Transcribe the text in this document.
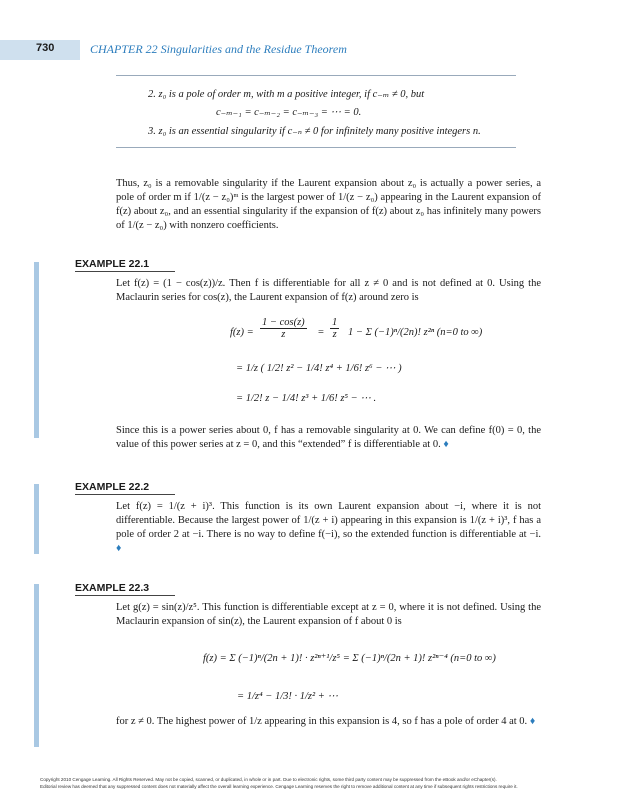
730	CHAPTER 22 Singularities and the Residue Theorem
2. z₀ is a pole of order m, with m a positive integer, if c₋ₘ ≠ 0, but
c₋ₘ₋₁ = c₋ₘ₋₂ = c₋ₘ₋₃ = ⋯ = 0.
3. z₀ is an essential singularity if c₋ₙ ≠ 0 for infinitely many positive integers n.
Thus, z₀ is a removable singularity if the Laurent expansion about z₀ is actually a power series, a pole of order m if 1/(z − z₀)ᵐ is the largest power of 1/(z − z₀) appearing in the Laurent expansion of f(z) about z₀, and an essential singularity if the expansion of f(z) about z₀ has infinitely many powers of 1/(z − z₀) with nonzero coefficients.
EXAMPLE 22.1
Let f(z) = (1 − cos(z))/z. Then f is differentiable for all z ≠ 0 and is not defined at 0. Using the Maclaurin series for cos(z), the Laurent expansion of f(z) around zero is
$f(z) = \frac{1 - \cos(z)}{z} = \frac{1}{z} 1 - \Sigma$ (−1)ⁿ/(2n)! z²ⁿ (n=0 to ∞)
= 1/z ( 1/2! z² − 1/4! z⁴ + 1/6! z⁶ − ⋯ )
= 1/2! z − 1/4! z³ + 1/6! z⁵ − ⋯ .
Since this is a power series about 0, f has a removable singularity at 0. We can define f(0) = 0, the value of this power series at z = 0, and this “extended” f is differentiable at 0. ♦
EXAMPLE 22.2
Let f(z) = 1/(z + i)³. This function is its own Laurent expansion about −i, where it is not differentiable. Because the largest power of 1/(z + i) appearing in this expansion is 1/(z + i)³, f has a pole of order 2 at −i. There is no way to define f(−i), so the extended function is differentiable at −i. ♦
EXAMPLE 22.3
Let g(z) = sin(z)/z⁵. This function is differentiable except at z = 0, where it is not defined. Using the Maclaurin expansion of sin(z), the Laurent expansion of f about 0 is
f(z) = Σ (−1)ⁿ/(2n + 1)! · z²ⁿ⁺¹/z⁵ = Σ (−1)ⁿ/(2n + 1)! z²ⁿ⁻⁴ (n=0 to ∞)
= 1/z⁴ − 1/3! · 1/z² + ⋯
for z ≠ 0. The highest power of 1/z appearing in this expansion is 4, so f has a pole of order 4 at 0. ♦
Copyright 2010 Cengage Learning. All Rights Reserved. May not be copied, scanned, or duplicated, in whole or in part. Due to electronic rights, some third party content may be suppressed from the eBook and/or eChapter(s).
Editorial review has deemed that any suppressed content does not materially affect the overall learning experience. Cengage Learning reserves the right to remove additional content at any time if subsequent rights restrictions require it.
